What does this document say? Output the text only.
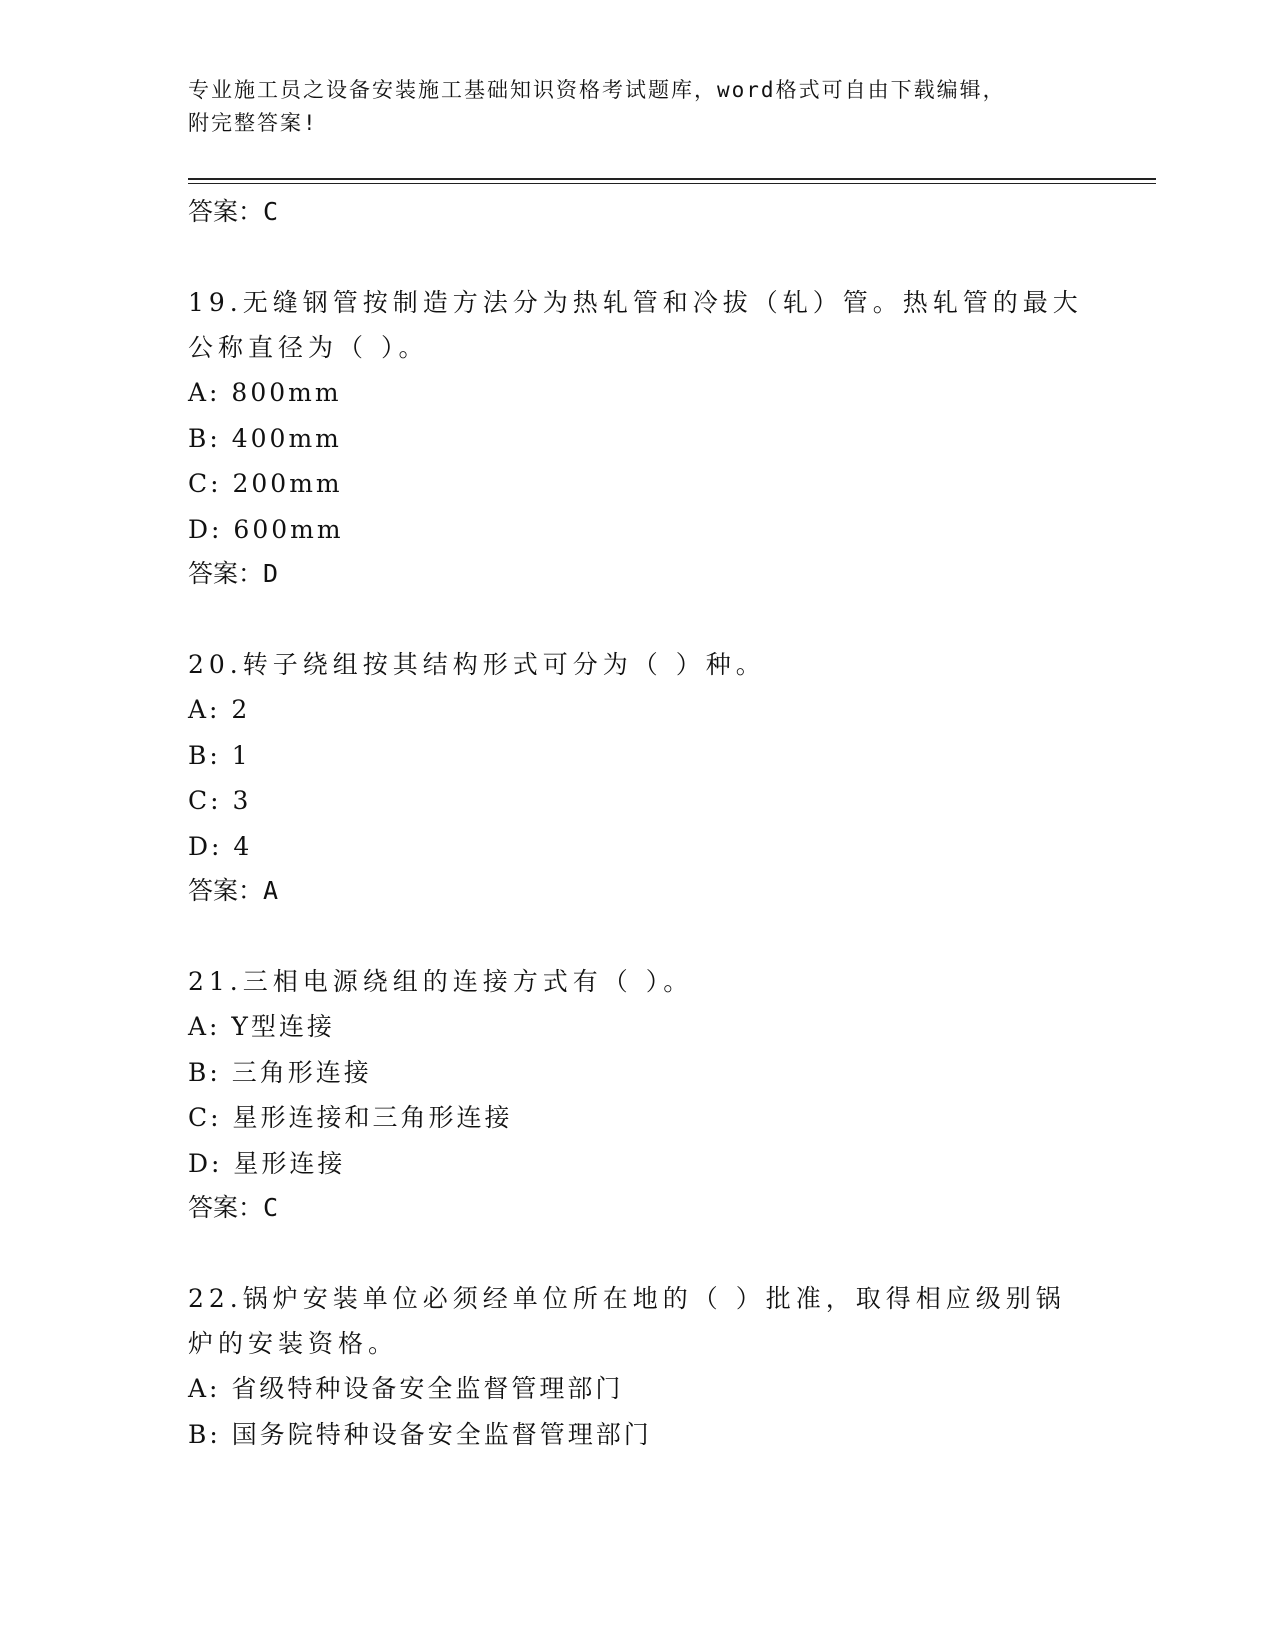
专业施工员之设备安装施工基础知识资格考试题库，word格式可自由下载编辑，
附完整答案!
答案：C
19.无缝钢管按制造方法分为热轧管和冷拔（轧）管。热轧管的最大公称直径为（ ）。
A: 800mm
B: 400mm
C: 200mm
D: 600mm
答案：D
20.转子绕组按其结构形式可分为（ ）种。
A: 2
B: 1
C: 3
D: 4
答案：A
21.三相电源绕组的连接方式有（ ）。
A: Y型连接
B: 三角形连接
C: 星形连接和三角形连接
D: 星形连接
答案：C
22.锅炉安装单位必须经单位所在地的（ ）批准，取得相应级别锅炉的安装资格。
A: 省级特种设备安全监督管理部门
B: 国务院特种设备安全监督管理部门
